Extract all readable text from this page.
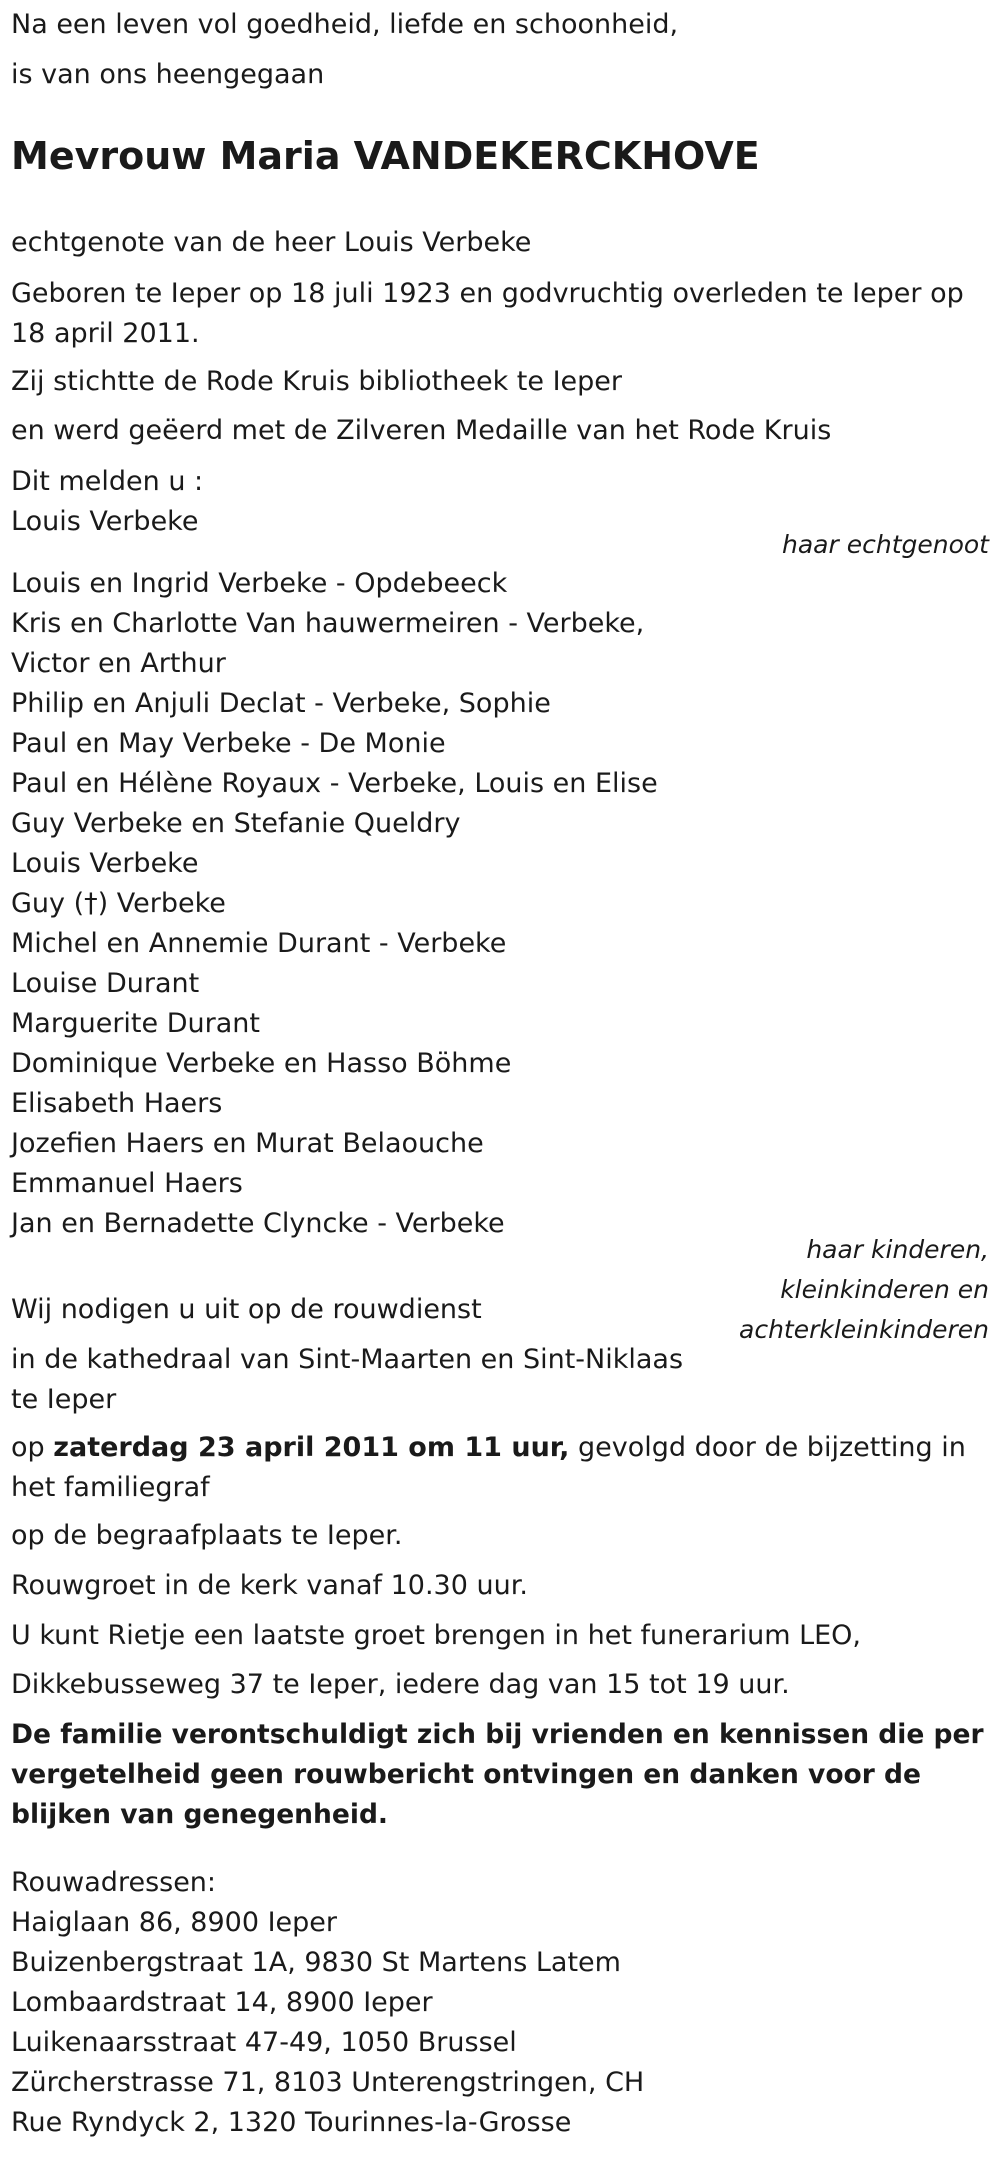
Na een leven vol goedheid, liefde en schoonheid,

is van ons heengegaan

Mevrouw Maria VANDEKERCKHOVE

echtgenote van de heer Louis Verbeke

Geboren te Ieper op 18 juli 1923 en godvruchtig overleden te Ieper op 18 april 2011.

Zij stichtte de Rode Kruis bibliotheek te Ieper

en werd geëerd met de Zilveren Medaille van het Rode Kruis

Dit melden u :

Louis Verbeke

haar echtgenoot

Louis en Ingrid Verbeke - Opdebeeck
Kris en Charlotte Van hauwermeiren - Verbeke,
Victor en Arthur
Philip en Anjuli Declat - Verbeke, Sophie
Paul en May Verbeke - De Monie
Paul en Hélène Royaux - Verbeke, Louis en Elise
Guy Verbeke en Stefanie Queldry
Louis Verbeke
Guy (†) Verbeke
Michel en Annemie Durant - Verbeke
Louise Durant
Marguerite Durant
Dominique Verbeke en Hasso Böhme
Elisabeth Haers
Jozefien Haers en Murat Belaouche
Emmanuel Haers
Jan en Bernadette Clyncke - Verbeke
haar kinderen,
kleinkinderen en
achterkleinkinderen

Wij nodigen u uit op de rouwdienst

in de kathedraal van Sint-Maarten en Sint-Niklaas te Ieper

op zaterdag 23 april 2011 om 11 uur, gevolgd door de bijzetting in het familiegraf

op de begraafplaats te Ieper.

Rouwgroet in de kerk vanaf 10.30 uur.

U kunt Rietje een laatste groet brengen in het funerarium LEO,

Dikkebusseweg 37 te Ieper, iedere dag van 15 tot 19 uur.

De familie verontschuldigt zich bij vrienden en kennissen die per vergetelheid geen rouwbericht ontvingen en danken voor de blijken van genegenheid.

Rouwadressen:

Haiglaan 86, 8900 Ieper
Buizenbergstraat 1A, 9830 St Martens Latem
Lombaardstraat 14, 8900 Ieper
Luikenaarsstraat 47-49, 1050 Brussel
Zürcherstrasse 71, 8103 Unterengstringen, CH
Rue Ryndyck 2, 1320 Tourinnes-la-Grosse
